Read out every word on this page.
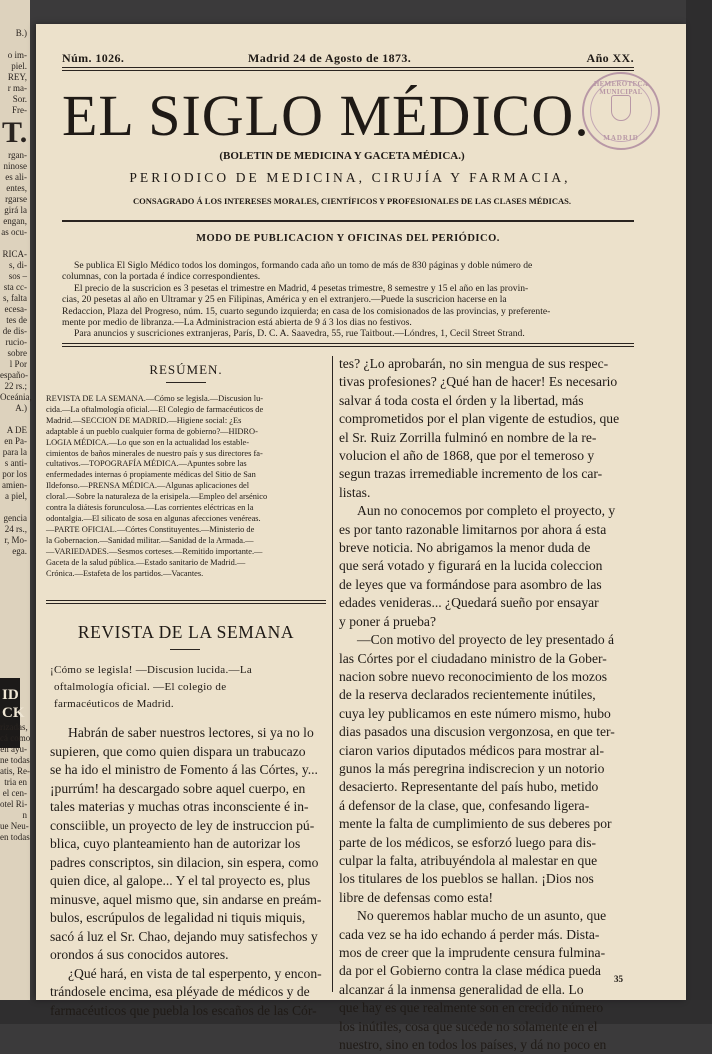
B.)
o im-
piel.
REY,
r ma-
Sor.
Fre-
T.
rgan-
ninose
es ali-
entes,
rgarse
girá la
engan,
as ocu-
RICA-
s, di-
sos –
sta cc-
s, falta
ecesa-
tes de
de dis-
rucio-
sobre
l Por
españo-
22 rs.;
Oceánia,
A.)
A DE
en Pa-
para la
s anti-
por los
amien-
a piel,
gencia
24 rs.,
r, Mo-
ega.
ID CK
rizadas,
cá como
en ayu-
ne todas
atis, Re-
tria en
el cen-
otel Ri-
n
ue Neu-
en todas
Núm. 1026.	Madrid 24 de Agosto de 1873.	Año XX.
EL SIGLO MÉDICO.
(BOLETIN DE MEDICINA Y GACETA MÉDICA.)
PERIODICO DE MEDICINA, CIRUJÍA Y FARMACIA,
CONSAGRADO Á LOS INTERESES MORALES, CIENTÍFICOS Y PROFESIONALES DE LAS CLASES MÉDICAS.
HEMEROTECA MUNICIPAL
MADRID
MODO DE PUBLICACION Y OFICINAS DEL PERIÓDICO.

Se publica El Siglo Médico todos los domingos, formando cada año un tomo de más de 830 páginas y doble número de

columnas, con la portada é índice correspondientes.

El precio de la suscricion es 3 pesetas el trimestre en Madrid, 4 pesetas trimestre, 8 semestre y 15 el año en las provin-

cias, 20 pesetas al año en Ultramar y 25 en Filipinas, América y en el extranjero.—Puede la suscricion hacerse en la

Redaccion, Plaza del Progreso, núm. 15, cuarto segundo izquierda; en casa de los comisionados de las provincias, y preferente-

mente por medio de libranza.—La Administracion está abierta de 9 á 3 los dias no festivos.

Para anuncios y suscriciones extranjeras, París, D. C. A. Saavedra, 55, rue Taitbout.—Lóndres, 1, Cecil Street Strand.

RESÚMEN.

REVISTA DE LA SEMANA.—Cómo se legisla.—Discusion lu-

cida.—La oftalmología oficial.—El Colegio de farmacéuticos de

Madrid.—SECCION DE MADRID.—Higiene social: ¿Es

adaptable á un pueblo cualquier forma de gobierno?—HIDRO-

LOGIA MÉDICA.—Lo que son en la actualidad los estable-

cimientos de baños minerales de nuestro país y sus directores fa-

cultativos.—TOPOGRAFÍA MÉDICA.—Apuntes sobre las

enfermedades internas ó propiamente médicas del Sitio de San

Ildefonso.—PRENSA MÉDICA.—Algunas aplicaciones del

cloral.—Sobre la naturaleza de la erisipela.—Empleo del arsénico

contra la diátesis forunculosa.—Las corrientes eléctricas en la

odontalgia.—El silicato de sosa en algunas afecciones venéreas.

—PARTE OFICIAL.—Córtes Constituyentes.—Ministerio de

la Gobernacion.—Sanidad militar.—Sanidad de la Armada.—

—VARIEDADES.—Sesmos corteses.—Remitido importante.—

Gaceta de la salud pública.—Estado sanitario de Madrid.—

Crónica.—Estafeta de los partidos.—Vacantes.

REVISTA DE LA SEMANA

¡Cómo se legisla! —Discusion lucida.—La

oftalmología oficial. —El colegio de

farmacéuticos de Madrid.

Habrán de saber nuestros lectores, si ya no lo

supieren, que como quien dispara un trabucazo

se ha ido el ministro de Fomento á las Córtes, y...

¡purrúm! ha descargado sobre aquel cuerpo, en

tales materias y muchas otras inconsciente é in-

consciible, un proyecto de ley de instruccion pú-

blica, cuyo planteamiento han de autorizar los

padres conscriptos, sin dilacion, sin espera, como

quien dice, al galope... Y el tal proyecto es, plus

minusve, aquel mismo que, sin andarse en preám-

bulos, escrúpulos de legalidad ni tiquis miquis,

sacó á luz el Sr. Chao, dejando muy satisfechos y

orondos á sus conocidos autores.

¿Qué hará, en vista de tal esperpento, y encon-

trándosele encima, esa pléyade de médicos y de

farmacéuticos que puebla los escaños de las Cór-

tes? ¿Lo aprobarán, no sin mengua de sus respec-

tivas profesiones? ¿Qué han de hacer! Es necesario

salvar á toda costa el órden y la libertad, más

comprometidos por el plan vigente de estudios, que

el Sr. Ruiz Zorrilla fulminó en nombre de la re-

volucion el año de 1868, que por el temeroso y

segun trazas irremediable incremento de los car-

listas.

Aun no conocemos por completo el proyecto, y

es por tanto razonable limitarnos por ahora á esta

breve noticia. No abrigamos la menor duda de

que será votado y figurará en la lucida coleccion

de leyes que va formándose para asombro de las

edades venideras... ¿Quedará sueño por ensayar

y poner á prueba?

—Con motivo del proyecto de ley presentado á

las Córtes por el ciudadano ministro de la Gober-

nacion sobre nuevo reconocimiento de los mozos

de la reserva declarados recientemente inútiles,

cuya ley publicamos en este número mismo, hubo

dias pasados una discusion vergonzosa, en que ter-

ciaron varios diputados médicos para mostrar al-

gunos la más peregrina indiscrecion y un notorio

desacierto. Representante del país hubo, metido

á defensor de la clase, que, confesando ligera-

mente la falta de cumplimiento de sus deberes por

parte de los médicos, se esforzó luego para dis-

culpar la falta, atribuyéndola al malestar en que

los titulares de los pueblos se hallan. ¡Dios nos

libre de defensas como esta!

No queremos hablar mucho de un asunto, que

cada vez se ha ido echando á perder más. Dista-

mos de creer que la imprudente censura fulmina-

da por el Gobierno contra la clase médica pueda

alcanzar á la inmensa generalidad de ella. Lo

que hay es que realmente son en crecido número

los inútiles, cosa que sucede no solamente en el

nuestro, sino en todos los países, y dá no poco en

35
